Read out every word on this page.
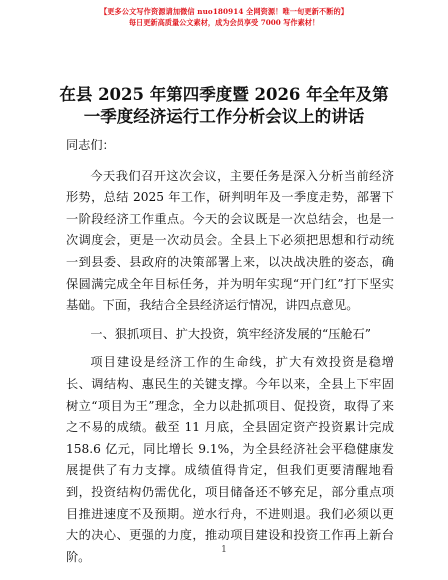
【更多公文写作资源请加微信 nuo180914 全网资源！唯一旬更新不断的】
每日更新高质量公文素材，成为会员享受 7000 写作素材！
在县 2025 年第四季度暨 2026 年全年及第一季度经济运行工作分析会议上的讲话

同志们：

今天我们召开这次会议，主要任务是深入分析当前经济形势，总结 2025 年工作，研判明年及一季度走势，部署下一阶段经济工作重点。今天的会议既是一次总结会，也是一次调度会，更是一次动员会。全县上下必须把思想和行动统一到县委、县政府的决策部署上来，以决战决胜的姿态，确保圆满完成全年目标任务，并为明年实现“开门红”打下坚实基础。下面，我结合全县经济运行情况，讲四点意见。

一、狠抓项目、扩大投资，筑牢经济发展的“压舱石”

项目建设是经济工作的生命线，扩大有效投资是稳增长、调结构、惠民生的关键支撑。今年以来，全县上下牢固树立“项目为王”理念，全力以赴抓项目、促投资，取得了来之不易的成绩。截至 11 月底，全县固定资产投资累计完成 158.6 亿元，同比增长 9.1%，为全县经济社会平稳健康发展提供了有力支撑。成绩值得肯定，但我们更要清醒地看到，投资结构仍需优化，项目储备还不够充足，部分重点项目推进速度不及预期。逆水行舟，不进则退。我们必须以更大的决心、更强的力度，推动项目建设和投资工作再上新台阶。	1
